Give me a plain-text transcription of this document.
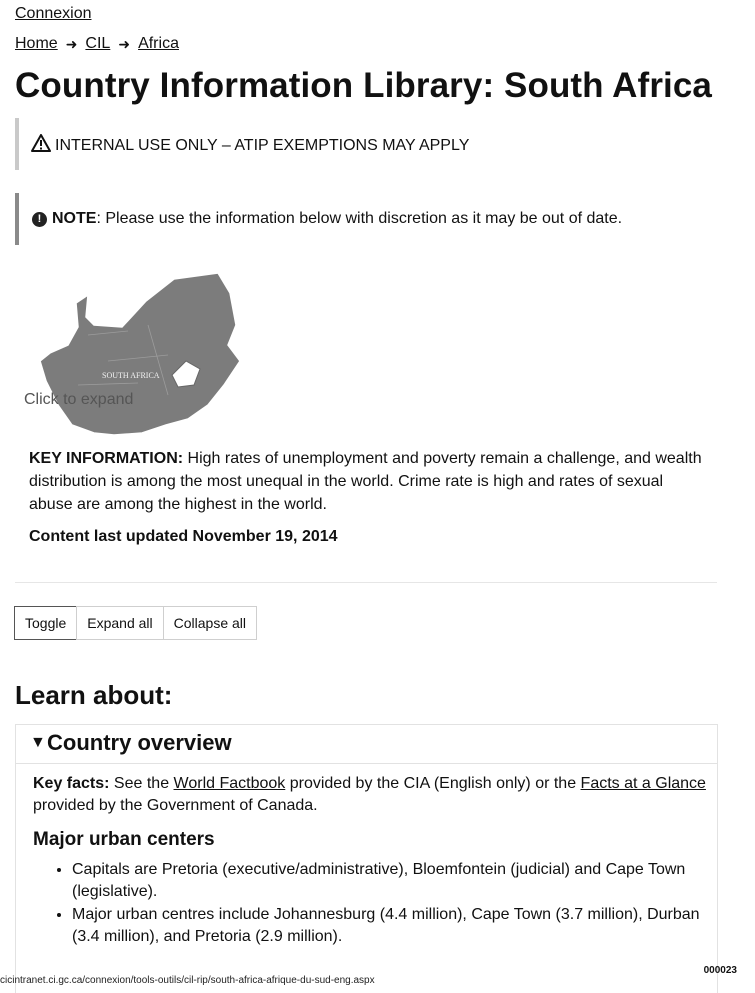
Connexion
Home ➜ CIL ➜ Africa
Country Information Library: South Africa
INTERNAL USE ONLY – ATIP EXEMPTIONS MAY APPLY
! NOTE: Please use the information below with discretion as it may be out of date.
SOUTH AFRICA
Click to expand

KEY INFORMATION: High rates of unemployment and poverty remain a challenge, and wealth distribution is among the most unequal in the world. Crime rate is high and rates of sexual abuse are among the highest in the world.

Content last updated November 19, 2014

Toggle	Expand all	Collapse all
Learn about:
▼ Country overview

Key facts: See the World Factbook provided by the CIA (English only) or the Facts at a Glance provided by the Government of Canada.

Major urban centers
• Capitals are Pretoria (executive/administrative), Bloemfontein (judicial) and Cape Town (legislative).
• Major urban centres include Johannesburg (4.4 million), Cape Town (3.7 million), Durban (3.4 million), and Pretoria (2.9 million).
cicintranet.ci.gc.ca/connexion/tools-outils/cil-rip/south-africa-afrique-du-sud-eng.aspx
000023
